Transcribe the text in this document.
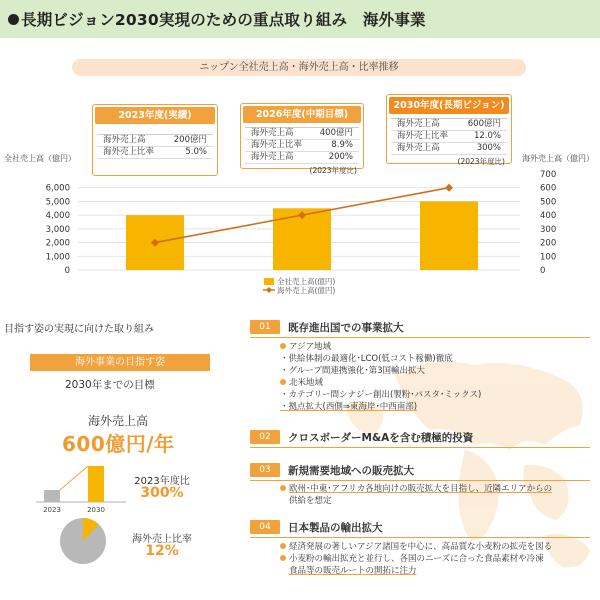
長期ビジョン2030実現のための重点取り組み　海外事業
ニップン全社売上高・海外売上高・比率推移
2023年度(実績)
海外売上高	200億円
海外売上比率	5.0%
2026年度(中期目標)
海外売上高	400億円
海外売上比率	8.9%
海外売上高	200%
(2023年度比)
2030年度(長期ビジョン)
海外売上高	600億円
海外売上比率	12.0%
海外売上高	300%
(2023年度比)
全社売上高（億円）	海外売上高（億円）
0
1,000
2,000
3,000
4,000
5,000
6,000
0
100
200
300
400
500
600
700
全社売上高(億円)
海外売上高(億円)
目指す姿の実現に向けた取り組み
海外事業の目指す姿
2030年までの目標
海外売上高
600億円/年
2023	2030
2023年度比
300%
海外売上比率
12%
01	既存進出国での事業拡大
アジア地域
・供給体制の最適化･LCO(低コスト稼働)徹底
・グループ間連携強化･第3国輸出拡大
北米地域
・カテゴリー間シナジー創出(製粉･パスタ･ミックス)
・拠点拡大(西側⇒東海岸･中西南部)
02	クロスボーダーM&Aを含む積極的投資
03	新規需要地域への販売拡大
欧州･中東･アフリカ各地向けの販売拡大を目指し、近隣エリアからの
供給を想定
04	日本製品の輸出拡大
経済発展の著しいアジア諸国を中心に、高品質な小麦粉の拡売を図る
小麦粉の輸出拡充と並行し、各国のニーズに合った食品素材や冷凍
食品等の販売ルートの開拓に注力
